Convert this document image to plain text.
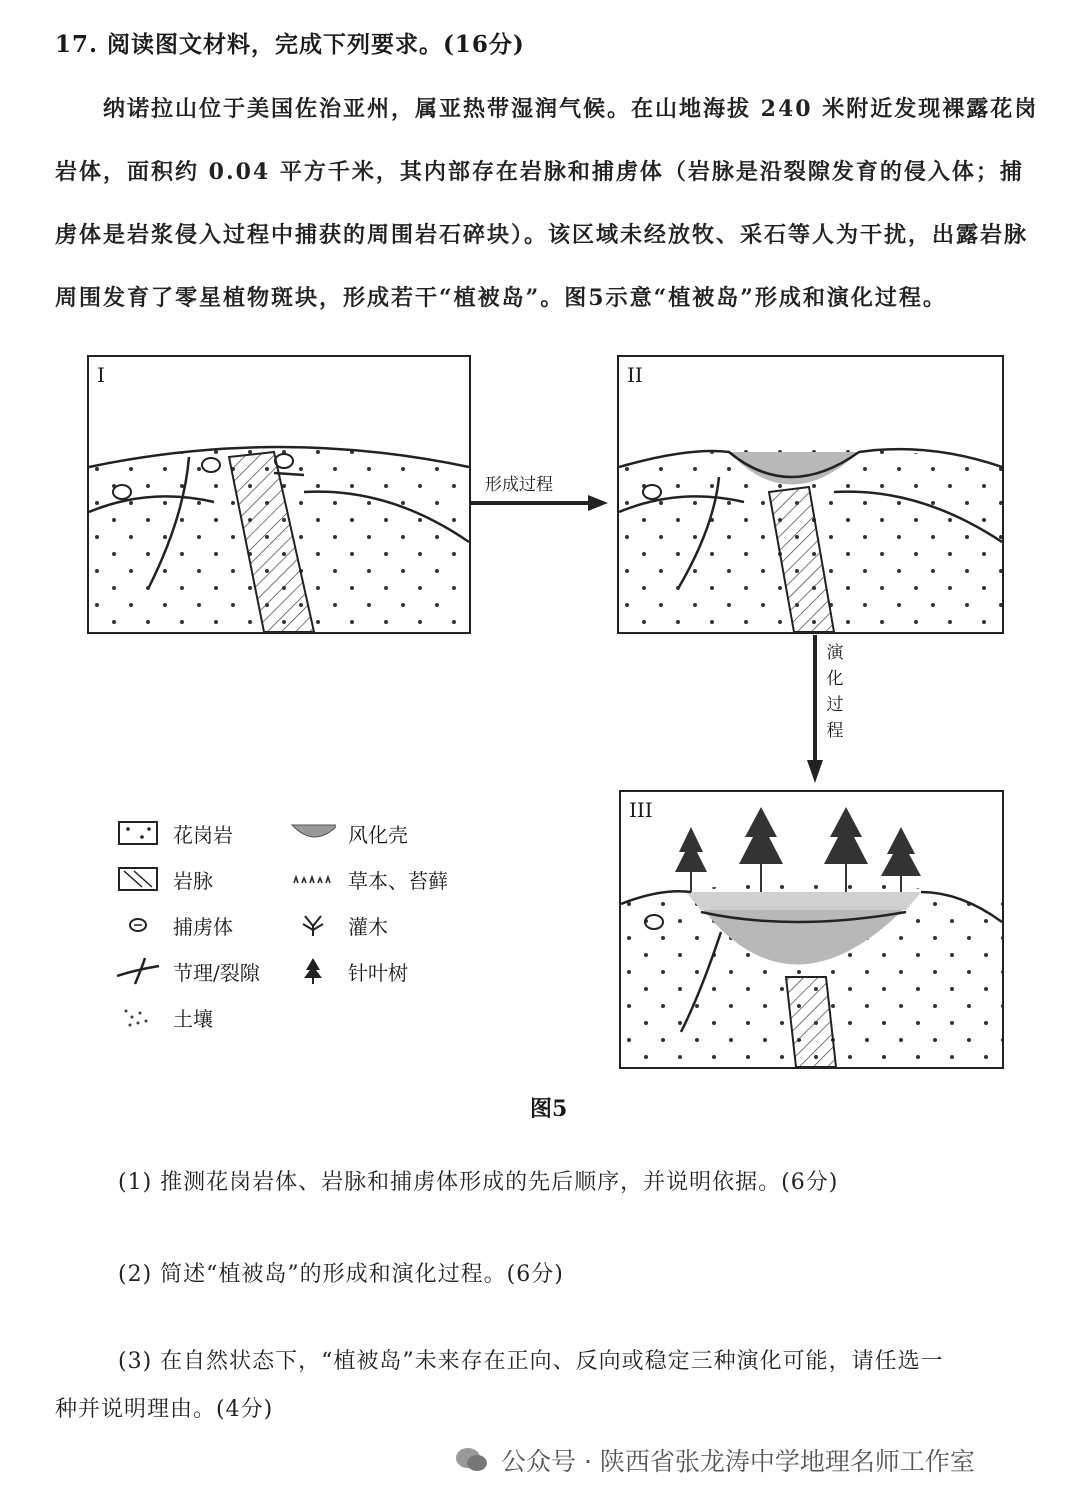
17. 阅读图文材料，完成下列要求。(16分)
纳诺拉山位于美国佐治亚州，属亚热带湿润气候。在山地海拔 240 米附近发现裸露花岗岩体，面积约 0.04 平方千米，其内部存在岩脉和捕虏体（岩脉是沿裂隙发育的侵入体；捕虏体是岩浆侵入过程中捕获的周围岩石碎块）。该区域未经放牧、采石等人为干扰，出露岩脉周围发育了零星植物斑块，形成若干“植被岛”。图5示意“植被岛”形成和演化过程。
I
形成过程
II
演化过程
花岗岩
岩脉
捕虏体
节理/裂隙
土壤
风化壳
草本、苔藓
灌木
针叶树
III
图5
(1) 推测花岗岩体、岩脉和捕虏体形成的先后顺序，并说明依据。(6分)
(2) 简述“植被岛”的形成和演化过程。(6分)
(3) 在自然状态下，“植被岛”未来存在正向、反向或稳定三种演化可能，请任选一
种并说明理由。(4分)
公众号 · 陕西省张龙涛中学地理名师工作室
